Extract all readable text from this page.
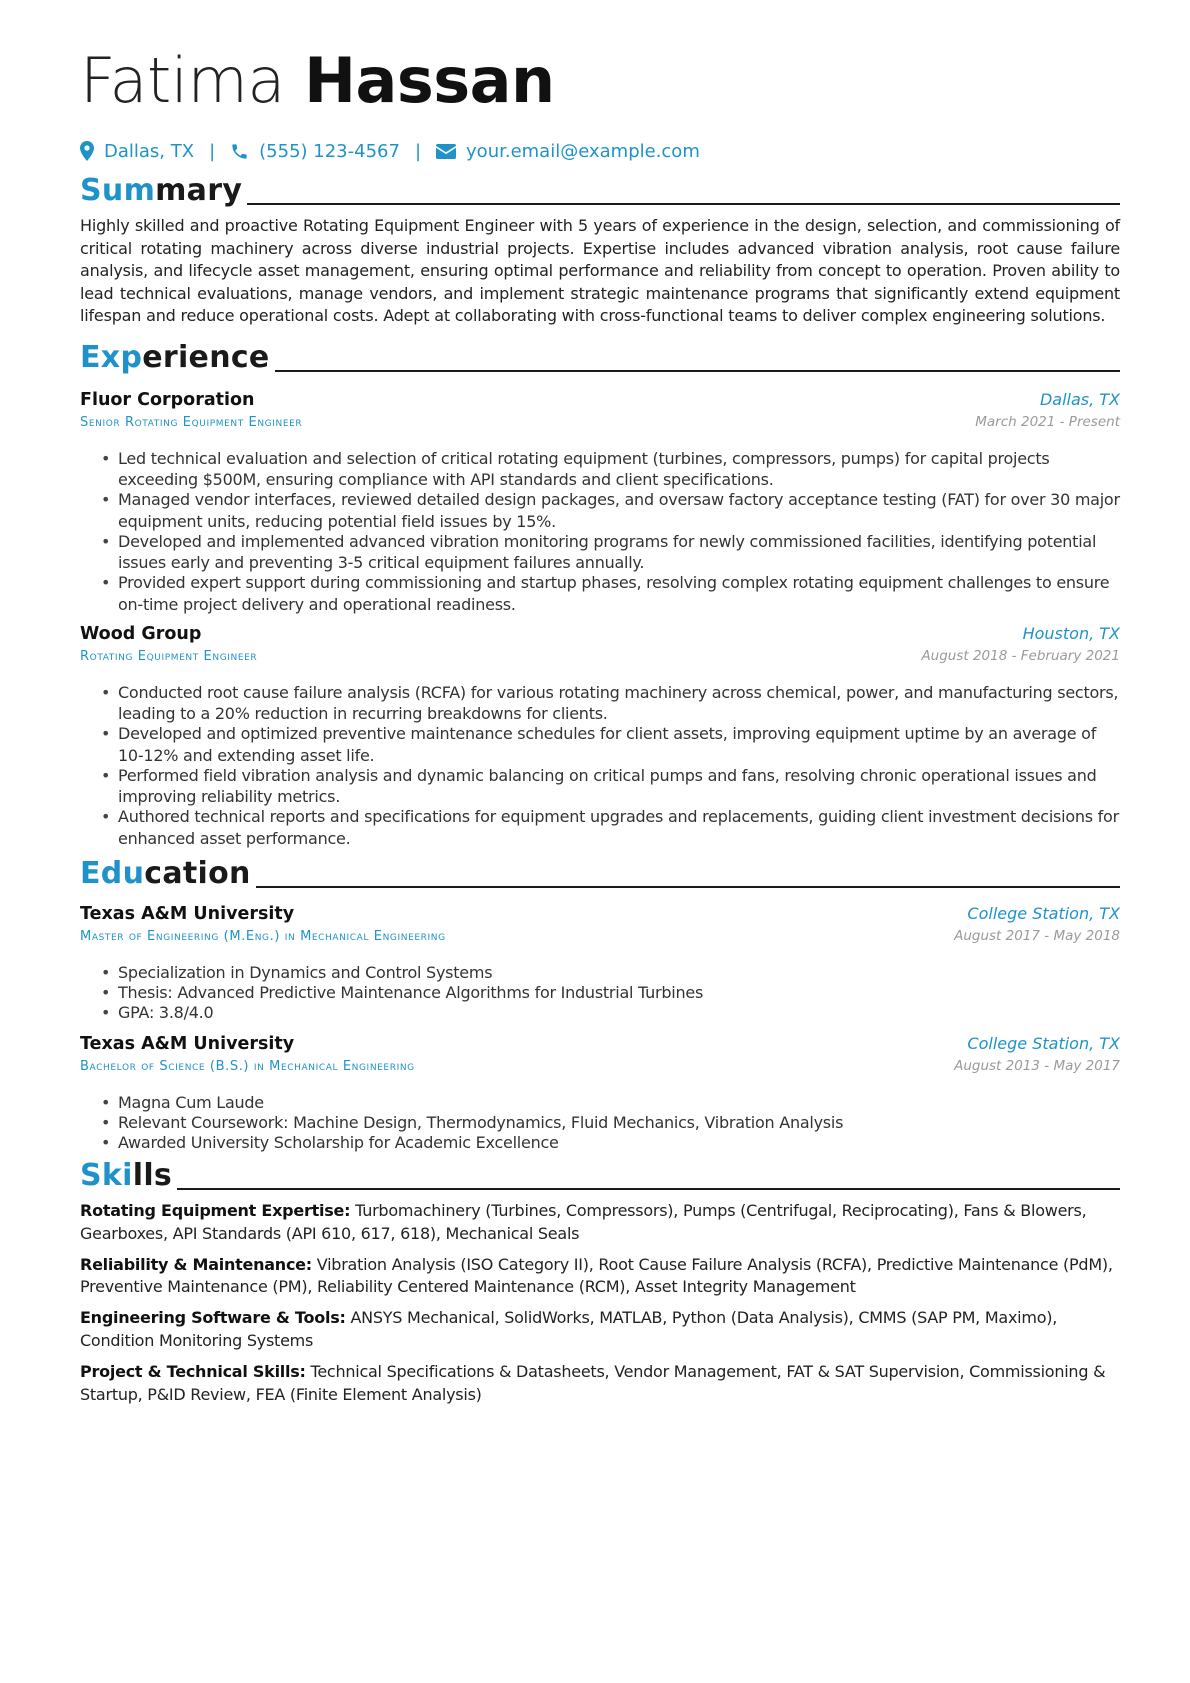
Fatima Hassan
Dallas, TX | (555) 123-4567 |	your.email@example.com
Summary
Highly skilled and proactive Rotating Equipment Engineer with 5 years of experience in the design, selection, and commissioning of critical rotating machinery across diverse industrial projects. Expertise includes advanced vibration analysis, root cause failure analysis, and lifecycle asset management, ensuring optimal performance and reliability from concept to operation. Proven ability to lead technical evaluations, manage vendors, and implement strategic maintenance programs that significantly extend equipment lifespan and reduce operational costs. Adept at collaborating with cross-functional teams to deliver complex engineering solutions.
Experience
Fluor Corporation	Dallas, TX
Senior Rotating Equipment Engineer	March 2021 - Present
• Led technical evaluation and selection of critical rotating equipment (turbines, compressors, pumps) for capital projects exceeding $500M, ensuring compliance with API standards and client specifications.
• Managed vendor interfaces, reviewed detailed design packages, and oversaw factory acceptance testing (FAT) for over 30 major equipment units, reducing potential field issues by 15%.
• Developed and implemented advanced vibration monitoring programs for newly commissioned facilities, identifying potential issues early and preventing 3-5 critical equipment failures annually.
• Provided expert support during commissioning and startup phases, resolving complex rotating equipment challenges to ensure on-time project delivery and operational readiness.
Wood Group	Houston, TX
Rotating Equipment Engineer	August 2018 - February 2021
• Conducted root cause failure analysis (RCFA) for various rotating machinery across chemical, power, and manufacturing sectors, leading to a 20% reduction in recurring breakdowns for clients.
• Developed and optimized preventive maintenance schedules for client assets, improving equipment uptime by an average of 10-12% and extending asset life.
• Performed field vibration analysis and dynamic balancing on critical pumps and fans, resolving chronic operational issues and improving reliability metrics.
• Authored technical reports and specifications for equipment upgrades and replacements, guiding client investment decisions for enhanced asset performance.
Education
Texas A&M University	College Station, TX
Master of Engineering (M.Eng.) in Mechanical Engineering	August 2017 - May 2018
• Specialization in Dynamics and Control Systems
• Thesis: Advanced Predictive Maintenance Algorithms for Industrial Turbines
• GPA: 3.8/4.0
Texas A&M University	College Station, TX
Bachelor of Science (B.S.) in Mechanical Engineering	August 2013 - May 2017
• Magna Cum Laude
• Relevant Coursework: Machine Design, Thermodynamics, Fluid Mechanics, Vibration Analysis
• Awarded University Scholarship for Academic Excellence
Skills
Rotating Equipment Expertise: Turbomachinery (Turbines, Compressors), Pumps (Centrifugal, Reciprocating), Fans & Blowers, Gearboxes, API Standards (API 610, 617, 618), Mechanical Seals
Reliability & Maintenance: Vibration Analysis (ISO Category II), Root Cause Failure Analysis (RCFA), Predictive Maintenance (PdM), Preventive Maintenance (PM), Reliability Centered Maintenance (RCM), Asset Integrity Management
Engineering Software & Tools: ANSYS Mechanical, SolidWorks, MATLAB, Python (Data Analysis), CMMS (SAP PM, Maximo), Condition Monitoring Systems
Project & Technical Skills: Technical Specifications & Datasheets, Vendor Management, FAT & SAT Supervision, Commissioning & Startup, P&ID Review, FEA (Finite Element Analysis)
